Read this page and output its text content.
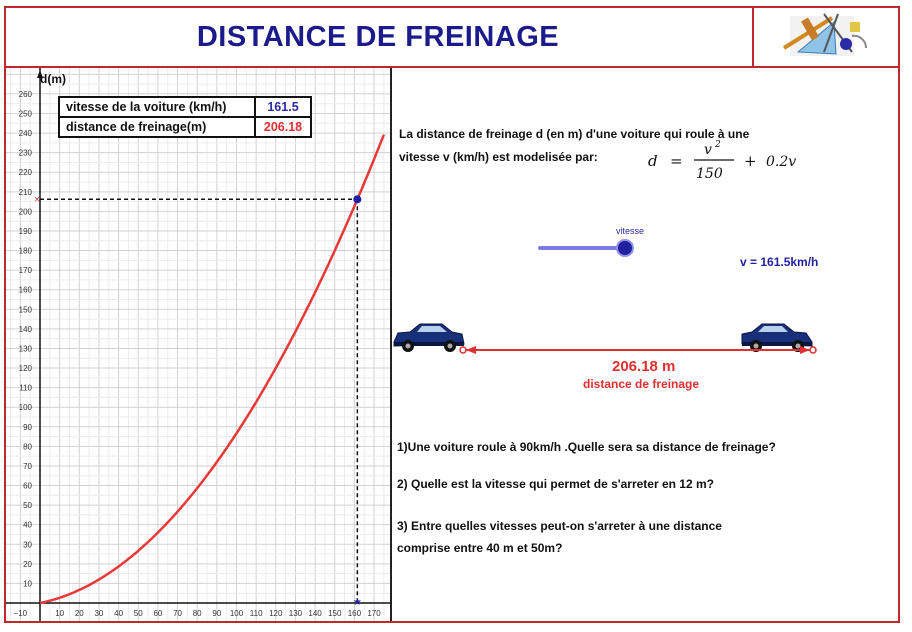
DISTANCE DE FREINAGE
10
20
30
40
50
60
70
80
90
100
110
120
130
140
150
160
170
180
190
200
210
220
230
240
250
260
−10	10 20 30 40 50 60 70 80 90 100 110 120 130 140 150 160 170
×
★
d(m)
vitesse de la voiture (km/h)	161.5
distance de freinage(m)	206.18	La distance de freinage d (en m) d'une voiture qui roule à une
vitesse v (km/h) est modelisée par:	d =
v 2
150
+ 0.2v
vitesse
v = 161.5km/h
206.18 m
distance de freinage
1)Une voiture roule à 90km/h .Quelle sera sa distance de freinage?
2) Quelle est la vitesse qui permet de s'arreter en 12 m?
3) Entre quelles vitesses peut-on s'arreter à une distance
comprise entre 40 m et 50m?
